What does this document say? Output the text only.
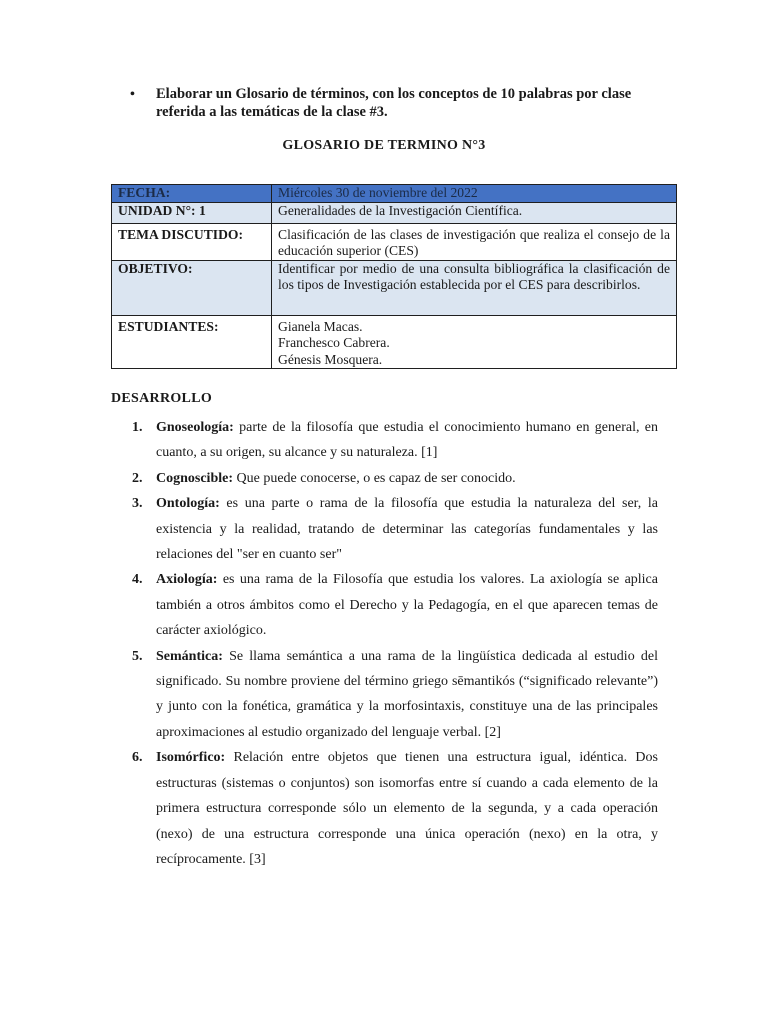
• Elaborar un Glosario de términos, con los conceptos de 10 palabras por clase referida a las temáticas de la clase #3.
GLOSARIO DE TERMINO N°3
FECHA:	Miércoles 30 de noviembre del 2022
UNIDAD N°: 1	Generalidades de la Investigación Científica.
TEMA DISCUTIDO:	Clasificación de las clases de investigación que realiza el consejo de la educación superior (CES)
OBJETIVO:	Identificar por medio de una consulta bibliográfica la clasificación de los tipos de Investigación establecida por el CES para describirlos.
ESTUDIANTES:	Gianela Macas.
Franchesco Cabrera.
Génesis Mosquera.
DESARROLLO
1. Gnoseología: parte de la filosofía que estudia el conocimiento humano en general, en cuanto, a su origen, su alcance y su naturaleza. [1]
2. Cognoscible: Que puede conocerse, o es capaz de ser conocido.
3. Ontología: es una parte o rama de la filosofía que estudia la naturaleza del ser, la existencia y la realidad, tratando de determinar las categorías fundamentales y las relaciones del "ser en cuanto ser"
4. Axiología: es una rama de la Filosofía que estudia los valores. La axiología se aplica también a otros ámbitos como el Derecho y la Pedagogía, en el que aparecen temas de carácter axiológico.
5. Semántica: Se llama semántica a una rama de la lingüística dedicada al estudio del significado. Su nombre proviene del término griego sēmantikós (“significado relevante”) y junto con la fonética, gramática y la morfosintaxis, constituye una de las principales aproximaciones al estudio organizado del lenguaje verbal. [2]
6. Isomórfico: Relación entre objetos que tienen una estructura igual, idéntica. Dos estructuras (sistemas o conjuntos) son isomorfas entre sí cuando a cada elemento de la primera estructura corresponde sólo un elemento de la segunda, y a cada operación (nexo) de una estructura corresponde una única operación (nexo) en la otra, y recíprocamente. [3]
